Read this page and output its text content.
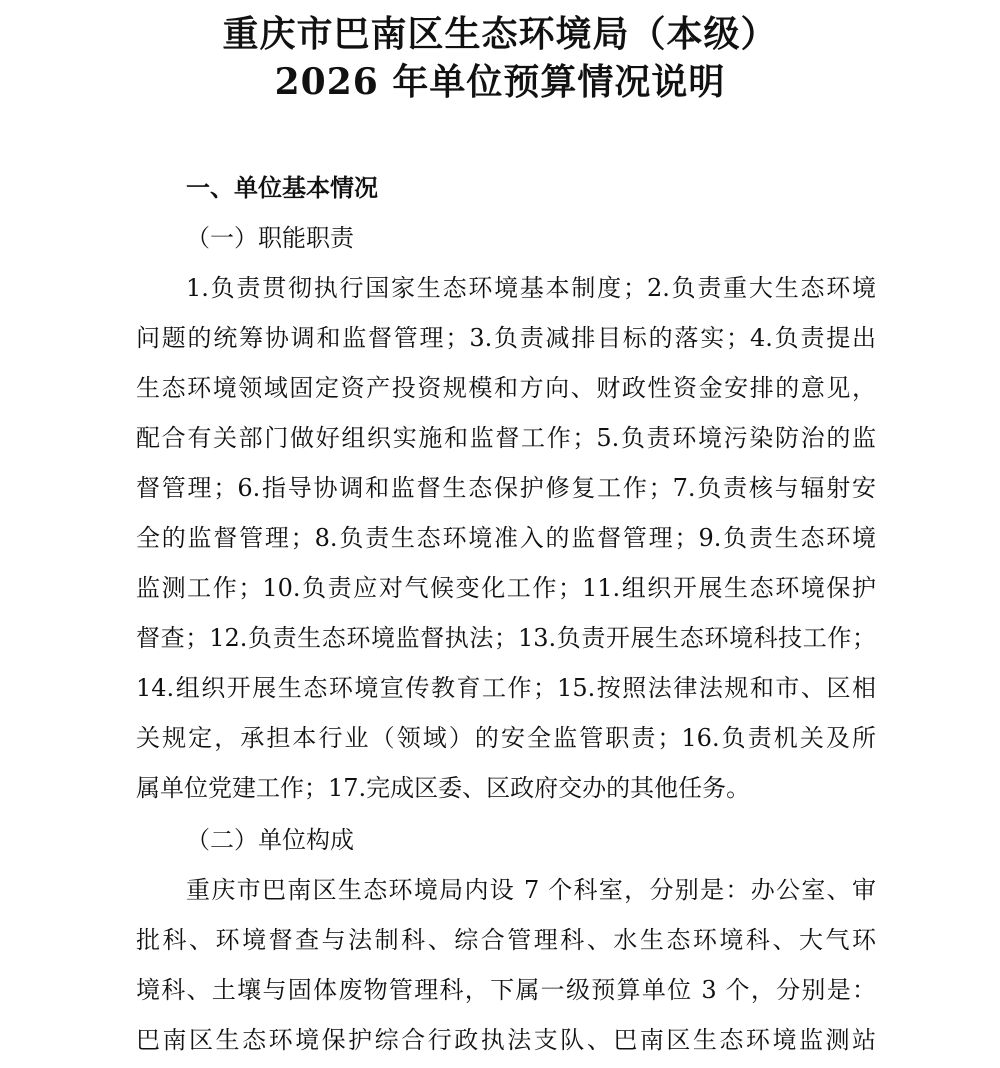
重庆市巴南区生态环境局（本级）
2026 年单位预算情况说明
一、单位基本情况
（一）职能职责
1.负责贯彻执行国家生态环境基本制度；2.负责重大生态环境
问题的统筹协调和监督管理；3.负责减排目标的落实；4.负责提出
生态环境领域固定资产投资规模和方向、财政性资金安排的意见，
配合有关部门做好组织实施和监督工作；5.负责环境污染防治的监
督管理；6.指导协调和监督生态保护修复工作；7.负责核与辐射安
全的监督管理；8.负责生态环境准入的监督管理；9.负责生态环境
监测工作；10.负责应对气候变化工作；11.组织开展生态环境保护
督查；12.负责生态环境监督执法；13.负责开展生态环境科技工作；
14.组织开展生态环境宣传教育工作；15.按照法律法规和市、区相
关规定，承担本行业（领域）的安全监管职责；16.负责机关及所
属单位党建工作；17.完成区委、区政府交办的其他任务。
（二）单位构成
重庆市巴南区生态环境局内设 7 个科室，分别是：办公室、审
批科、环境督查与法制科、综合管理科、水生态环境科、大气环
境科、土壤与固体废物管理科，下属一级预算单位 3 个，分别是：
巴南区生态环境保护综合行政执法支队、巴南区生态环境监测站
